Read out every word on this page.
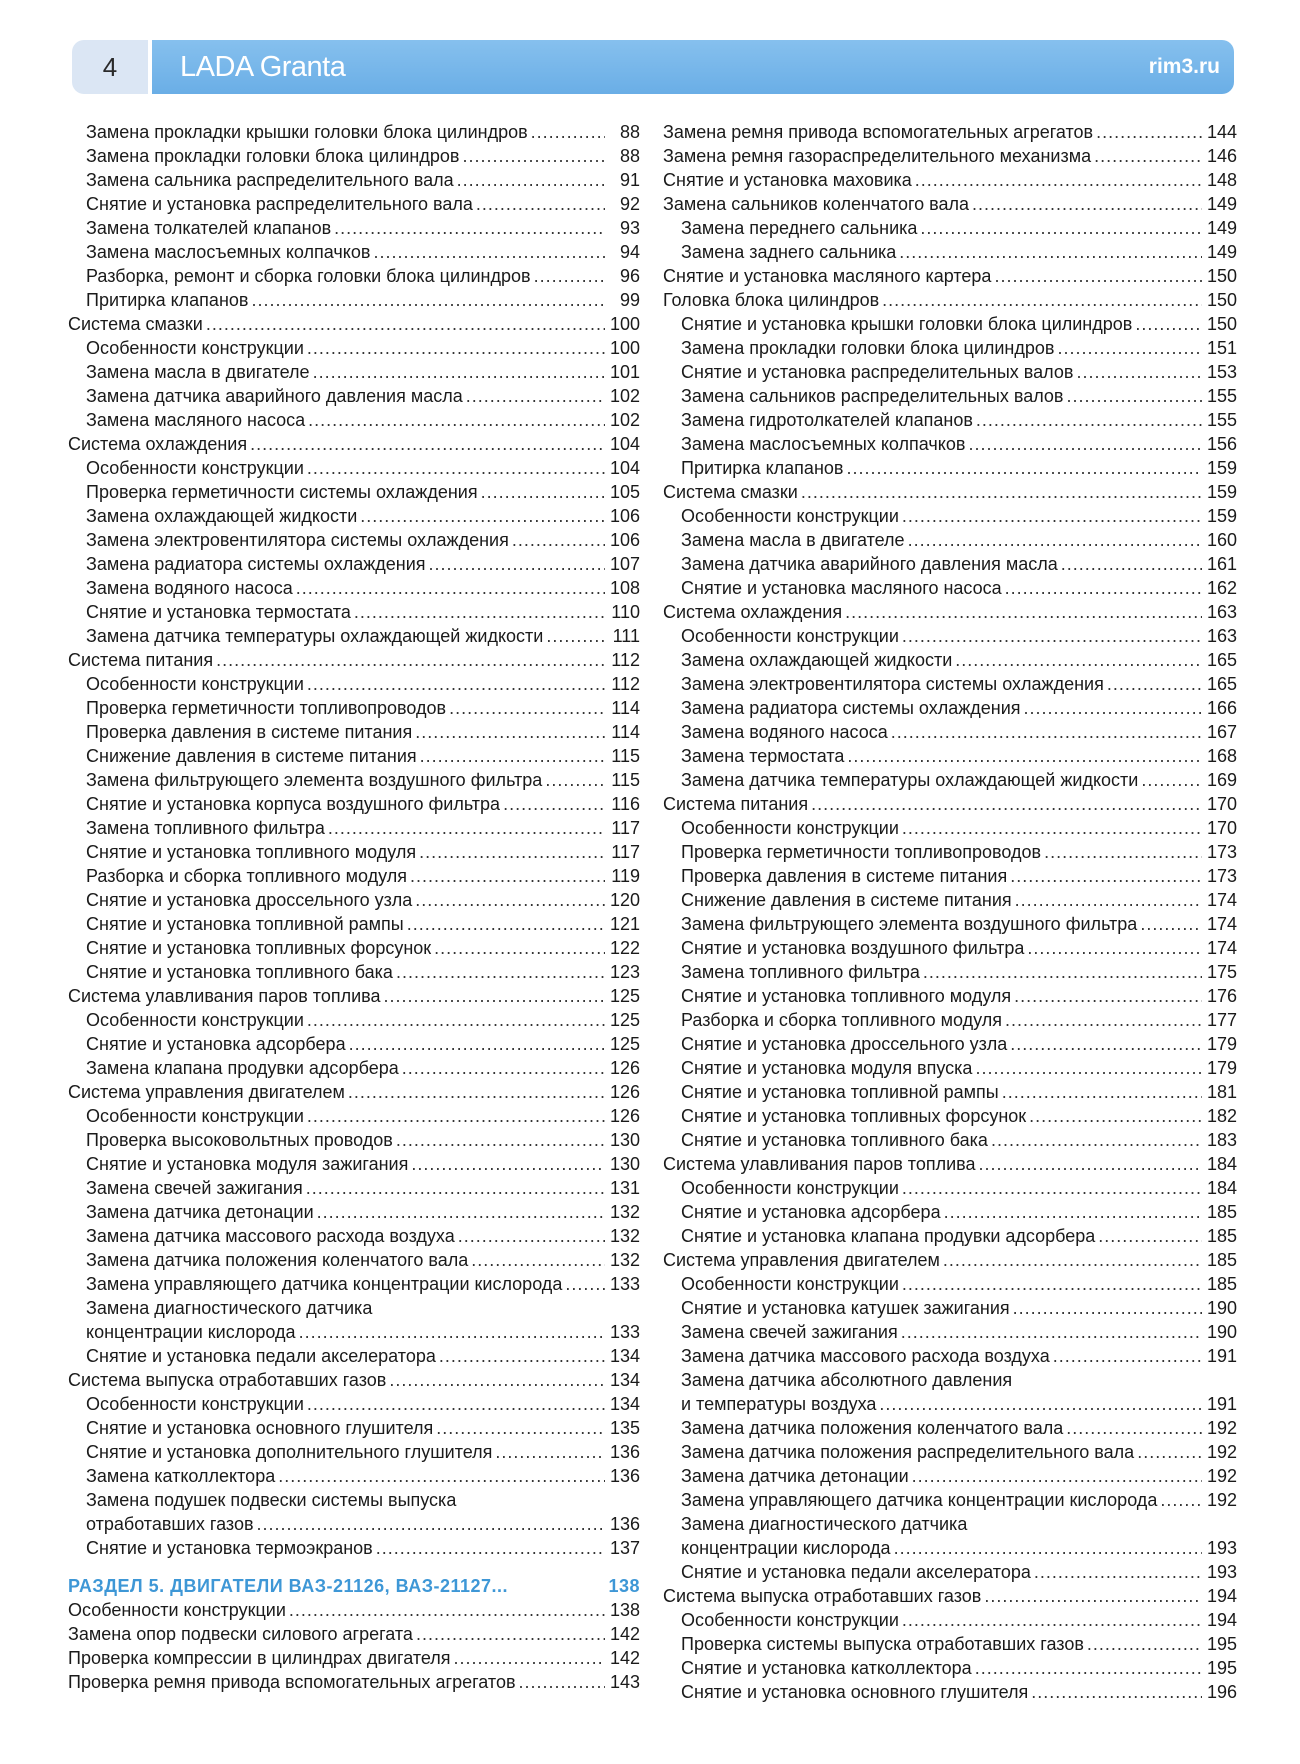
4	LADA Granta	rim3.ru
Замена прокладки крышки головки блока цилиндров . . .	88
Замена прокладки головки блока цилиндров . . .	88
Замена сальника распределительного вала . . .	91
Снятие и установка распределительного вала . . .	92
Замена толкателей клапанов . . .	93
Замена маслосъемных колпачков . . .	94
Разборка, ремонт и сборка головки блока цилиндров . . .	96
Притирка клапанов . . .	99
Система смазки . . .	100
Особенности конструкции . . .	100
Замена масла в двигателе . . .	101
Замена датчика аварийного давления масла . . .	102
Замена масляного насоса . . .	102
Система охлаждения . . .	104
Особенности конструкции . . .	104
Проверка герметичности системы охлаждения . . .	105
Замена охлаждающей жидкости . . .	106
Замена электровентилятора системы охлаждения . . .	106
Замена радиатора системы охлаждения . . .	107
Замена водяного насоса . . .	108
Снятие и установка термостата . . .	110
Замена датчика температуры охлаждающей жидкости . . .	111
Система питания . . .	112
Особенности конструкции . . .	112
Проверка герметичности топливопроводов . . .	114
Проверка давления в системе питания . . .	114
Снижение давления в системе питания . . .	115
Замена фильтрующего элемента воздушного фильтра . . .	115
Снятие и установка корпуса воздушного фильтра . . .	116
Замена топливного фильтра . . .	117
Снятие и установка топливного модуля . . .	117
Разборка и сборка топливного модуля . . .	119
Снятие и установка дроссельного узла . . .	120
Снятие и установка топливной рампы . . .	121
Снятие и установка топливных форсунок . . .	122
Снятие и установка топливного бака . . .	123
Система улавливания паров топлива . . .	125
Особенности конструкции . . .	125
Снятие и установка адсорбера . . .	125
Замена клапана продувки адсорбера . . .	126
Система управления двигателем . . .	126
Особенности конструкции . . .	126
Проверка высоковольтных проводов . . .	130
Снятие и установка модуля зажигания . . .	130
Замена свечей зажигания . . .	131
Замена датчика детонации . . .	132
Замена датчика массового расхода воздуха . . .	132
Замена датчика положения коленчатого вала . . .	132
Замена управляющего датчика концентрации кислорода . . .	133
Замена диагностического датчика
концентрации кислорода . . .	133
Снятие и установка педали акселератора . . .	134
Система выпуска отработавших газов . . .	134
Особенности конструкции . . .	134
Снятие и установка основного глушителя . . .	135
Снятие и установка дополнительного глушителя . . .	136
Замена катколлектора . . .	136
Замена подушек подвески системы выпуска
отработавших газов . . .	136
Снятие и установка термоэкранов . . .	137
РАЗДЕЛ 5. ДВИГАТЕЛИ ВАЗ-21126, ВАЗ-21127...	138
Особенности конструкции . . .	138
Замена опор подвески силового агрегата . . .	142
Проверка компрессии в цилиндрах двигателя . . .	142
Проверка ремня привода вспомогательных агрегатов . . .	143
Замена ремня привода вспомогательных агрегатов . . .	144
Замена ремня газораспределительного механизма . . .	146
Снятие и установка маховика . . .	148
Замена сальников коленчатого вала . . .	149
Замена переднего сальника . . .	149
Замена заднего сальника . . .	149
Снятие и установка масляного картера . . .	150
Головка блока цилиндров . . .	150
Снятие и установка крышки головки блока цилиндров . . .	150
Замена прокладки головки блока цилиндров . . .	151
Снятие и установка распределительных валов . . .	153
Замена сальников распределительных валов . . .	155
Замена гидротолкателей клапанов . . .	155
Замена маслосъемных колпачков . . .	156
Притирка клапанов . . .	159
Система смазки . . .	159
Особенности конструкции . . .	159
Замена масла в двигателе . . .	160
Замена датчика аварийного давления масла . . .	161
Снятие и установка масляного насоса . . .	162
Система охлаждения . . .	163
Особенности конструкции . . .	163
Замена охлаждающей жидкости . . .	165
Замена электровентилятора системы охлаждения . . .	165
Замена радиатора системы охлаждения . . .	166
Замена водяного насоса . . .	167
Замена термостата . . .	168
Замена датчика температуры охлаждающей жидкости . . .	169
Система питания . . .	170
Особенности конструкции . . .	170
Проверка герметичности топливопроводов . . .	173
Проверка давления в системе питания . . .	173
Снижение давления в системе питания . . .	174
Замена фильтрующего элемента воздушного фильтра . . .	174
Снятие и установка воздушного фильтра . . .	174
Замена топливного фильтра . . .	175
Снятие и установка топливного модуля . . .	176
Разборка и сборка топливного модуля . . .	177
Снятие и установка дроссельного узла . . .	179
Снятие и установка модуля впуска . . .	179
Снятие и установка топливной рампы . . .	181
Снятие и установка топливных форсунок . . .	182
Снятие и установка топливного бака . . .	183
Система улавливания паров топлива . . .	184
Особенности конструкции . . .	184
Снятие и установка адсорбера . . .	185
Снятие и установка клапана продувки адсорбера . . .	185
Система управления двигателем . . .	185
Особенности конструкции . . .	185
Снятие и установка катушек зажигания . . .	190
Замена свечей зажигания . . .	190
Замена датчика массового расхода воздуха . . .	191
Замена датчика абсолютного давления
и температуры воздуха . . .	191
Замена датчика положения коленчатого вала . . .	192
Замена датчика положения распределительного вала . . .	192
Замена датчика детонации . . .	192
Замена управляющего датчика концентрации кислорода . . .	192
Замена диагностического датчика
концентрации кислорода . . .	193
Снятие и установка педали акселератора . . .	193
Система выпуска отработавших газов . . .	194
Особенности конструкции . . .	194
Проверка системы выпуска отработавших газов . . .	195
Снятие и установка катколлектора . . .	195
Снятие и установка основного глушителя . . .	196
